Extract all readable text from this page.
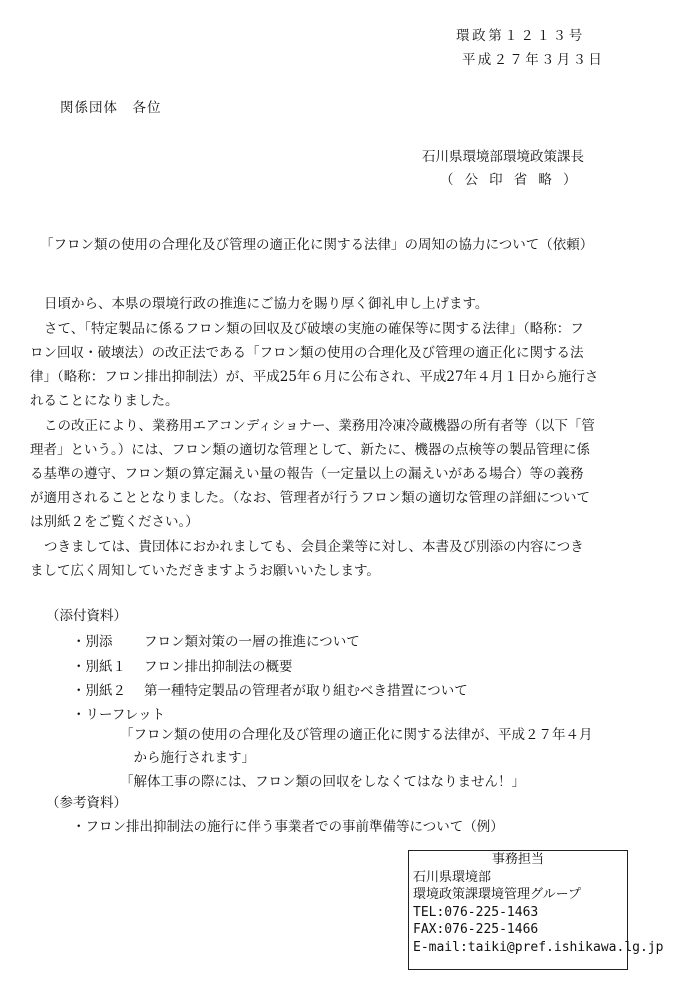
環政第１２１３号
平成２７年３月３日
関係団体　各位
石川県環境部環境政策課長
（ 公 印 省 略 ）
「フロン類の使用の合理化及び管理の適正化に関する法律」の周知の協力について（依頼）
日頃から、本県の環境行政の推進にご協力を賜り厚く御礼申し上げます。
さて、「特定製品に係るフロン類の回収及び破壊の実施の確保等に関する法律」（略称：フ
ロン回収・破壊法）の改正法である「フロン類の使用の合理化及び管理の適正化に関する法
律」（略称：フロン排出抑制法）が、平成25年６月に公布され、平成27年４月１日から施行さ
れることになりました。
この改正により、業務用エアコンディショナー、業務用冷凍冷蔵機器の所有者等（以下「管
理者」という。）には、フロン類の適切な管理として、新たに、機器の点検等の製品管理に係
る基準の遵守、フロン類の算定漏えい量の報告（一定量以上の漏えいがある場合）等の義務
が適用されることとなりました。（なお、管理者が行うフロン類の適切な管理の詳細について
は別紙２をご覧ください。）
つきましては、貴団体におかれましても、会員企業等に対し、本書及び別添の内容につき
まして広く周知していただきますようお願いいたします。
（添付資料）
・別添 フロン類対策の一層の推進について
・別紙１ フロン排出抑制法の概要
・別紙２ 第一種特定製品の管理者が取り組むべき措置について
・リーフレット
「フロン類の使用の合理化及び管理の適正化に関する法律が、平成２７年４月
　から施行されます」
「解体工事の際には、フロン類の回収をしなくてはなりません！」
（参考資料）
・フロン排出抑制法の施行に伴う事業者での事前準備等について（例）
事務担当
石川県環境部
環境政策課環境管理グループ
TEL:076-225-1463
FAX:076-225-1466
E-mail:taiki@pref.ishikawa.lg.jp
